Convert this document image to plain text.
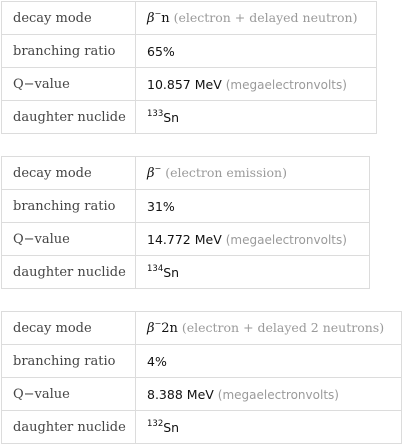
decay mode	β−n (electron + delayed neutron)
branching ratio	65%
Q−value	10.857 MeV (megaelectronvolts)
daughter nuclide	$^{133}$Sn
decay mode	β− (electron emission)
branching ratio	31%
Q−value	14.772 MeV (megaelectronvolts)
daughter nuclide	$^{134}$Sn
decay mode	β−2n (electron + delayed 2 neutrons)
branching ratio	4%
Q−value	8.388 MeV (megaelectronvolts)
daughter nuclide	$^{132}$Sn
